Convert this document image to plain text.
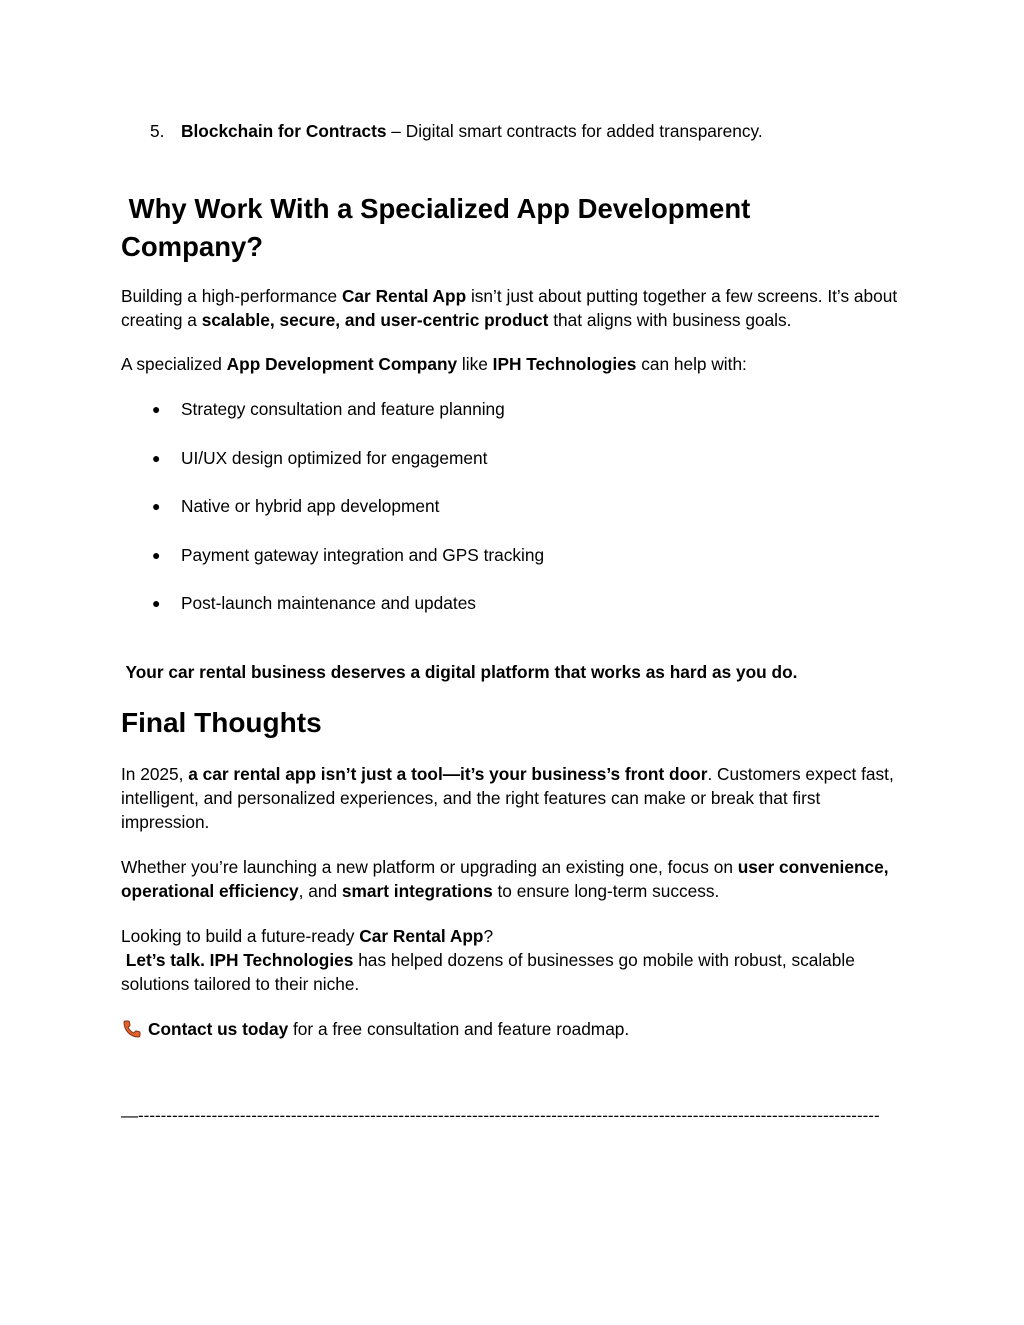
5. Blockchain for Contracts – Digital smart contracts for added transparency.
Why Work With a Specialized App Development Company?

Building a high-performance Car Rental App isn’t just about putting together a few screens. It’s about creating a scalable, secure, and user-centric product that aligns with business goals.

A specialized App Development Company like IPH Technologies can help with:

● Strategy consultation and feature planning
● UI/UX design optimized for engagement
● Native or hybrid app development
● Payment gateway integration and GPS tracking
● Post-launch maintenance and updates

Your car rental business deserves a digital platform that works as hard as you do.

Final Thoughts

In 2025, a car rental app isn’t just a tool—it’s your business’s front door. Customers expect fast, intelligent, and personalized experiences, and the right features can make or break that first impression.

Whether you’re launching a new platform or upgrading an existing one, focus on user convenience, operational efficiency, and smart integrations to ensure long-term success.

Looking to build a future-ready Car Rental App?
Let’s talk. IPH Technologies has helped dozens of businesses go mobile with robust, scalable solutions tailored to their niche.

Contact us today for a free consultation and feature roadmap.

—-----------------------------------------------------------------------------------------------------------------------------------
